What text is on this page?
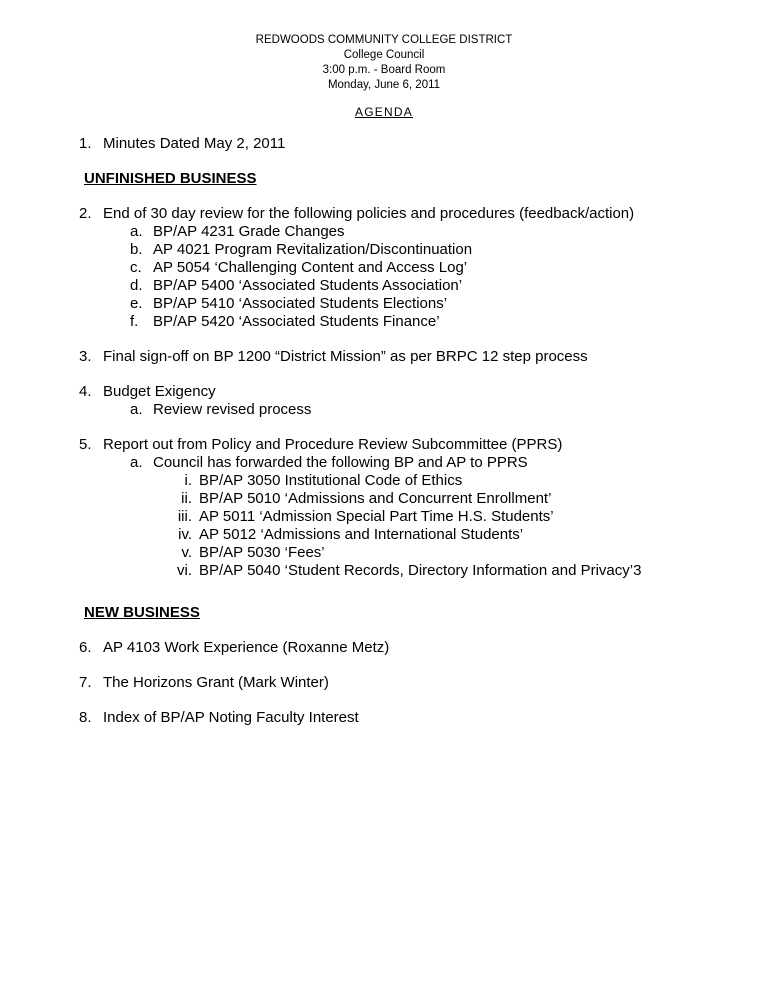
REDWOODS COMMUNITY COLLEGE DISTRICT
College Council
3:00 p.m. - Board Room
Monday, June 6, 2011
AGENDA
1. Minutes Dated May 2, 2011
UNFINISHED BUSINESS
2. End of 30 day review for the following policies and procedures (feedback/action)
a. BP/AP 4231 Grade Changes
b. AP 4021 Program Revitalization/Discontinuation
c. AP 5054 ‘Challenging Content and Access Log’
d. BP/AP 5400 ‘Associated Students Association’
e. BP/AP 5410 ‘Associated Students Elections’
f. BP/AP 5420 ‘Associated Students Finance’
3. Final sign-off on BP 1200 “District Mission” as per BRPC 12 step process
4. Budget Exigency
a. Review revised process
5. Report out from Policy and Procedure Review Subcommittee (PPRS)
a. Council has forwarded the following BP and AP to PPRS
i. BP/AP 3050 Institutional Code of Ethics
ii. BP/AP 5010 ‘Admissions and Concurrent Enrollment’
iii. AP 5011 ‘Admission Special Part Time H.S. Students’
iv. AP 5012 ‘Admissions and International Students’
v. BP/AP 5030 ‘Fees’
vi. BP/AP 5040 ‘Student Records, Directory Information and Privacy’3
NEW BUSINESS
6. AP 4103 Work Experience (Roxanne Metz)
7. The Horizons Grant (Mark Winter)
8. Index of BP/AP Noting Faculty Interest
